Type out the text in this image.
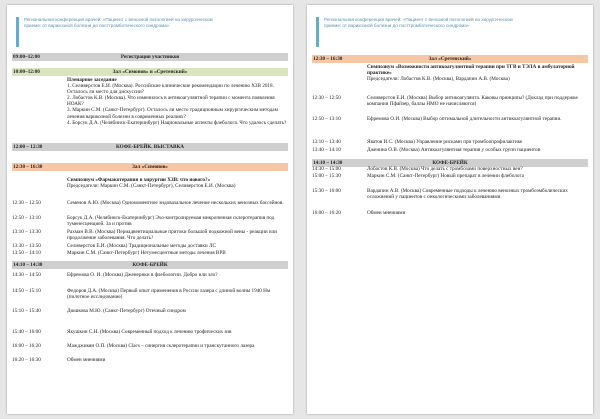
Региональная конференция врачей: «Пациент с венозной патологией на хирургическом приеме: от варикозной болезни до посттромботического синдрома»
09:00–12:00	Регистрация участников
10:00–12:00	Зал «Симонов» и «Сретенский»
Пленарное заседание
1. Селиверстов Е.И. (Москва). Российские клинические рекомендации по лечению ХЗВ 2018. Осталось ли место для дискуссии?
2. Лобастов К.В. (Москва). Что изменилось в антикоагулянтной терапии с момента появления НОАК?
3. Маркин С.М. (Санкт-Петербург). Осталось ли место традиционным хирургическим методам лечения варикозной болезни в современных реалиях?
4. Борсук Д.А. (Челябинск-Екатеринбург) Национальные аспекты флеболога. Что удалось сделать?
12:00 – 12:30	КОФЕ-БРЕЙК. ВЫСТАВКА
12:30 – 16:30	Зал «Симонов»
Симпозиум «Фармакотерапия в хирургии ХЗВ: что нового?»
Председатели: Маркин С.М. (Санкт-Петербург), Селиверстов Е.И. (Москва)
12:30 – 12:50	Семенов А.Ю. (Москва) Одномоментное эндовазальное лечение нескольких венозных бассейнов.
12:50 – 13:10	Борсук Д.А. (Челябинск-Екатеринбург) Эхо-контролируемая микропенная склеротерапия под туменесценцией. За и против
13:10 – 13:30	Рахман В.В. (Москва) Периадвентициальные притоки большой подкожной вены - реакции или продолжение заболевания. Что делать?
13:30 – 13:50	Селиверстов Е.И. (Москва) Традициональные методы доставки ЛС
13:50 – 14:10	Маркин С.М. (Санкт-Петербург) Нетумесцентные методы лечения ВРВ
14:10 – 14:30	КОФЕ-БРЕЙК
14:30 – 14:50	Ефремова О. И. (Москва) Дженерики в флебологии. Добро или зло?
14:50 – 15:10	Федоров Д.А. (Москва) Первый опыт применения в России лазера с длиной волны 1940 Нм (пилотное исследование)
15:10 – 15:40	Дюшкова М.Ю. (Санкт-Петербург) Отечный синдром
15:40 – 16:00	Якушкин С.Н. (Москва) Современный подход к лечению трофических язв
16:00 – 16:20	Мажджикян О.П. (Москва) Clacs – синергия склеротерапии и транскутанного лазера
16:20 – 16:30	Обмен мнениями
Региональная конференция врачей: «Пациент с венозной патологией на хирургическом приеме: от варикозной болезни до посттромботического синдрома»
12:30 – 16:30	Зал «Сретенский»
Симпозиум «Возможности антикоагулянтной терапии при ТГВ и ТЭЛА в амбулаторной практике»
Председатели: Лобастов К.В. (Москва), Вардапин А.В. (Москва)
12:30 – 12:50	Селиверстов Е.И. (Москва) Выбор антикоагулянта. Каковы принципы? (Доклад при поддержке компании Пфайзер, баллы НМО не начисляются)
12:50 – 13:10	Ефремова О.И. (Москва) Выбор оптимальной длительности антикоагулянтной терапии.
13:10 – 13:40	Яватов И.С. (Москва) Управление рисками при тромбоопрофилактике
13:40 – 14:10	Дженина О.В. (Москва) Антикоагулянтная терапия у особых групп пациентов
14:10 – 14:30	КОФЕ-БРЕЙК
14:30 – 15:00	Лобастов К.В. (Москва) Что делать с тромбозами поверхностных вен?
15:00 – 15:30	Маркин С.М. (Санкт-Петербург) Новый препарат в лечении флеболога
15:30 – 16:00	Вардапин А.В. (Москва) Современные подходы к лечению венозных тромбоэмболических осложнений у пациентов с онкологическими заболеваниями.
16:00 – 16:20	Обмен мнениями
